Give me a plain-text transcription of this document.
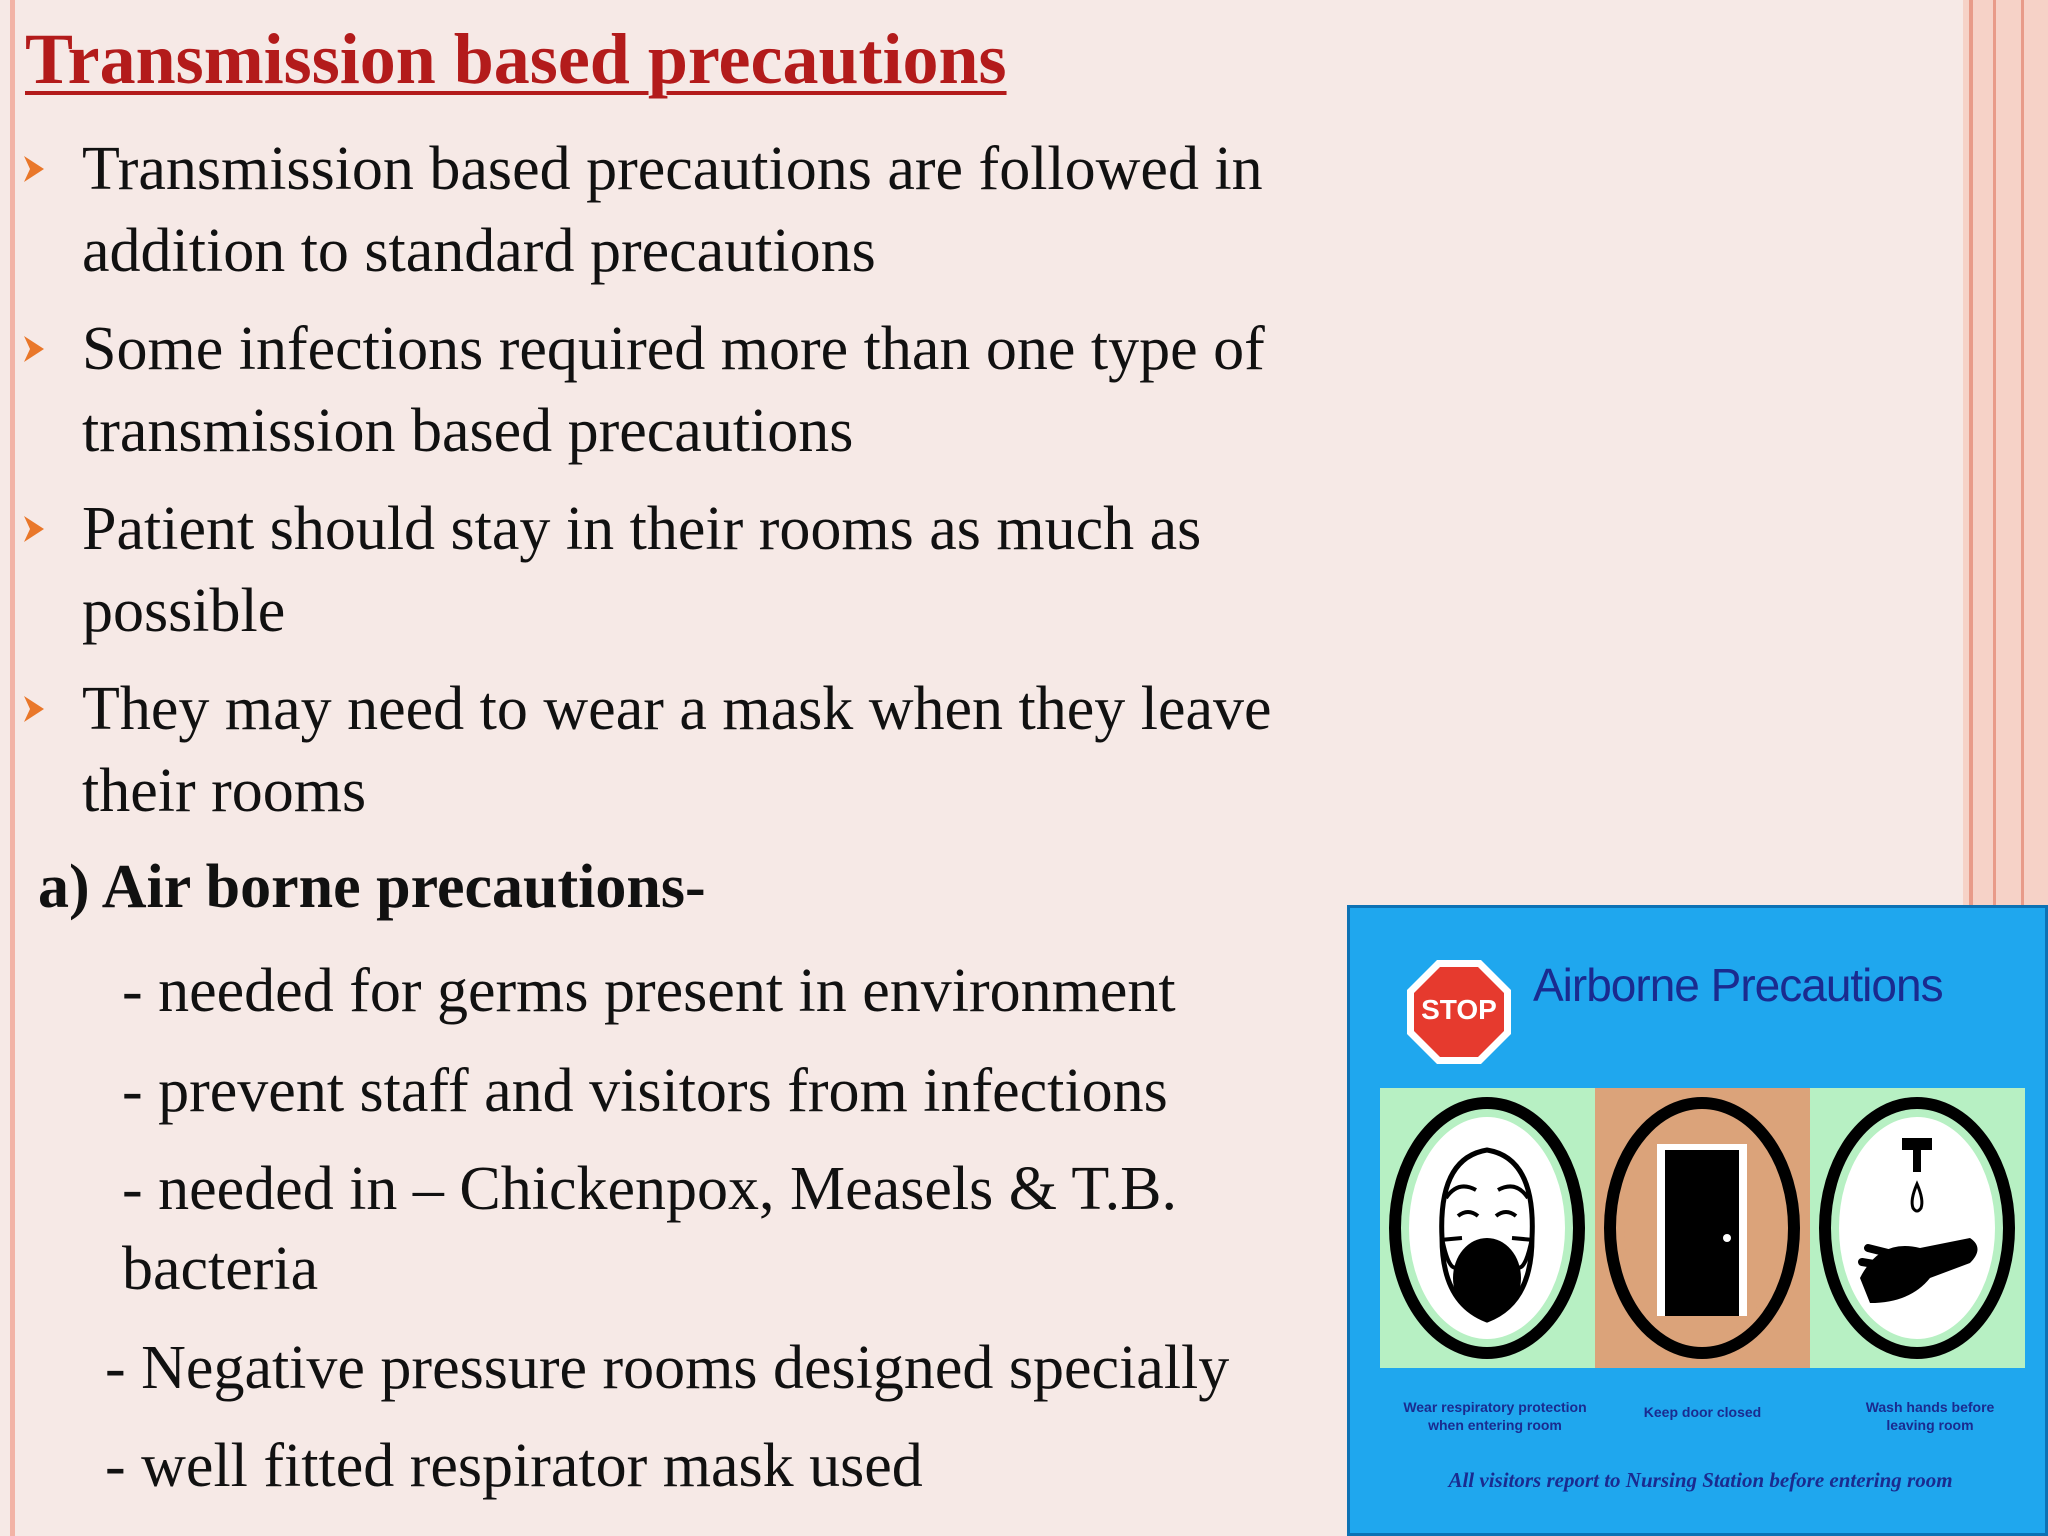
Transmission based precautions
Transmission based precautions are followed in
addition to standard precautions
Some infections required more than one type of
transmission based precautions
Patient should stay in their rooms as much as
possible
They may need to wear a mask when they leave
their rooms
a) Air borne precautions-
- needed for germs present in environment
- prevent staff and visitors from infections
- needed in – Chickenpox, Measels & T.B.
bacteria
- Negative pressure rooms designed specially
- well fitted respirator mask used
STOP Airborne Precautions
Wear respiratory protection
when entering room
Keep door closed	Wash hands before
leaving room
All visitors report to Nursing Station before entering room
